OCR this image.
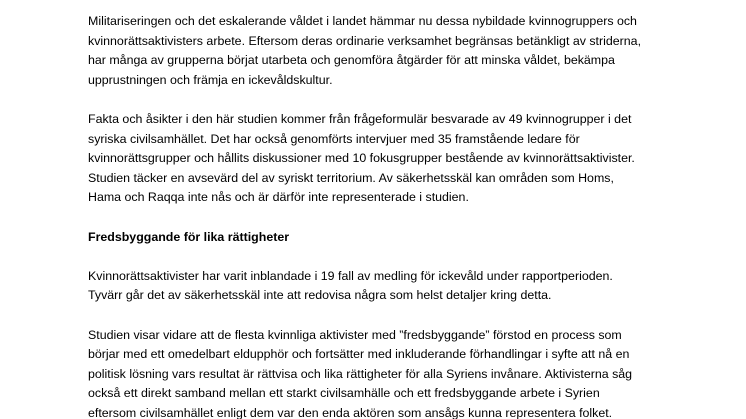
Militariseringen och det eskalerande våldet i landet hämmar nu dessa nybildade kvinnogruppers och
kvinnorättsaktivisters arbete. Eftersom deras ordinarie verksamhet begränsas betänkligt av striderna,
har många av grupperna börjat utarbeta och genomföra åtgärder för att minska våldet, bekämpa
upprustningen och främja en ickevåldskultur.

Fakta och åsikter i den här studien kommer från frågeformulär besvarade av 49 kvinnogrupper i det
syriska civilsamhället. Det har också genomförts intervjuer med 35 framstående ledare för
kvinnorättsgrupper och hållits diskussioner med 10 fokusgrupper bestående av kvinnorättsaktivister.
Studien täcker en avsevärd del av syriskt territorium. Av säkerhetsskäl kan områden som Homs,
Hama och Raqqa inte nås och är därför inte representerade i studien.

Fredsbyggande för lika rättigheter

Kvinnorättsaktivister har varit inblandade i 19 fall av medling för ickevåld under rapportperioden.
Tyvärr går det av säkerhetsskäl inte att redovisa några som helst detaljer kring detta.

Studien visar vidare att de flesta kvinnliga aktivister med ”fredsbyggande” förstod en process som
börjar med ett omedelbart eldupphör och fortsätter med inkluderande förhandlingar i syfte att nå en
politisk lösning vars resultat är rättvisa och lika rättigheter för alla Syriens invånare. Aktivisterna såg
också ett direkt samband mellan ett starkt civilsamhälle och ett fredsbyggande arbete i Syrien
eftersom civilsamhället enligt dem var den enda aktören som ansågs kunna representera folket.
